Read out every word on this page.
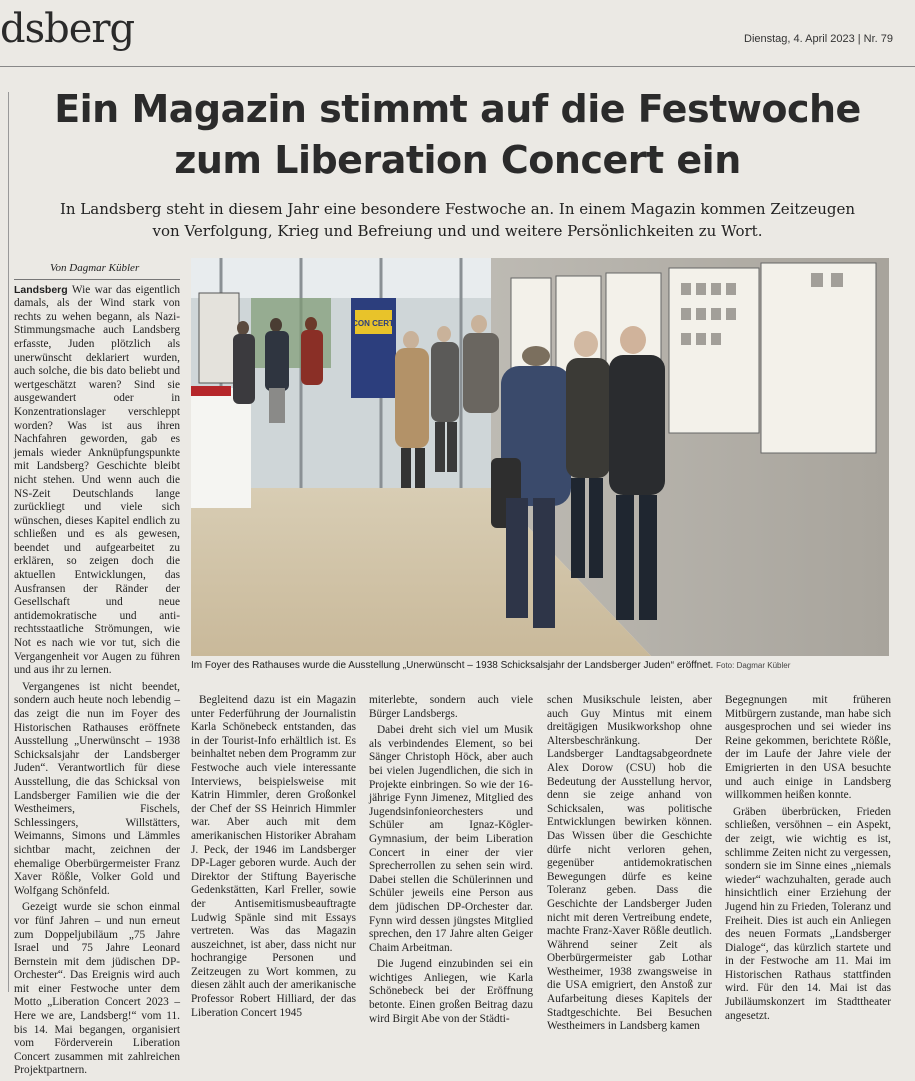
dsberg	Dienstag, 4. April 2023 | Nr. 79
Ein Magazin stimmt auf die Festwoche
zum Liberation Concert ein
In Landsberg steht in diesem Jahr eine besondere Festwoche an. In einem Magazin kommen Zeitzeugen
von Verfolgung, Krieg und Befreiung und und weitere Persönlichkeiten zu Wort.
Von Dagmar Kübler

Landsberg Wie war das eigentlich damals, als der Wind stark von rechts zu wehen begann, als Nazi-Stimmungsmache auch Landsberg erfasste, Juden plötzlich als unerwünscht deklariert wurden, auch solche, die bis dato beliebt und wertgeschätzt waren? Sind sie ausgewandert oder in Konzentrationslager verschleppt worden? Was ist aus ihren Nachfahren geworden, gab es jemals wieder Anknüpfungspunkte mit Landsberg? Geschichte bleibt nicht stehen. Und wenn auch die NS-Zeit Deutschlands lange zurückliegt und viele sich wünschen, dieses Kapitel endlich zu schließen und es als gewesen, beendet und aufgearbeitet zu erklären, so zeigen doch die aktuellen Entwicklungen, das Ausfransen der Ränder der Gesellschaft und neue antidemokratische und anti-rechtsstaatliche Strömungen, wie Not es nach wie vor tut, sich die Vergangenheit vor Augen zu führen und aus ihr zu lernen.

Vergangenes ist nicht beendet, sondern auch heute noch lebendig – das zeigt die nun im Foyer des Historischen Rathauses eröffnete Ausstellung „Unerwünscht – 1938 Schicksalsjahr der Landsberger Juden“. Verantwortlich für diese Ausstellung, die das Schicksal von Landsberger Familien wie die der Westheimers, Fischels, Schlessingers, Willstätters, Weimanns, Simons und Lämmles sichtbar macht, zeichnen der ehemalige Oberbürgermeister Franz Xaver Rößle, Volker Gold und Wolfgang Schönfeld.

Gezeigt wurde sie schon einmal vor fünf Jahren – und nun erneut zum Doppeljubiläum „75 Jahre Israel und 75 Jahre Leonard Bernstein mit dem jüdischen DP-Orchester“. Das Ereignis wird auch mit einer Festwoche unter dem Motto „Liberation Concert 2023 – Here we are, Landsberg!“ vom 11. bis 14. Mai begangen, organisiert vom Förderverein Liberation Concert zusammen mit zahlreichen Projektpartnern.

CON CERT
Im Foyer des Rathauses wurde die Ausstellung „Unerwünscht – 1938 Schicksalsjahr der Landsberger Juden“ eröffnet. Foto: Dagmar Kübler

Begleitend dazu ist ein Magazin unter Federführung der Journalistin Karla Schönebeck entstanden, das in der Tourist-Info erhältlich ist. Es beinhaltet neben dem Programm zur Festwoche auch viele interessante Interviews, beispielsweise mit Katrin Himmler, deren Großonkel der Chef der SS Heinrich Himmler war. Aber auch mit dem amerikanischen Historiker Abraham J. Peck, der 1946 im Landsberger DP-Lager geboren wurde. Auch der Direktor der Stiftung Bayerische Gedenkstätten, Karl Freller, sowie der Antisemitismusbeauftragte Ludwig Spänle sind mit Essays vertreten. Was das Magazin auszeichnet, ist aber, dass nicht nur hochrangige Personen und Zeitzeugen zu Wort kommen, zu diesen zählt auch der amerikanische Professor Robert Hilliard, der das Liberation Concert 1945

miterlebte, sondern auch viele Bürger Landsbergs.

Dabei dreht sich viel um Musik als verbindendes Element, so bei Sänger Christoph Höck, aber auch bei vielen Jugendlichen, die sich in Projekte einbringen. So wie der 16-jährige Fynn Jimenez, Mitglied des Jugendsinfonieorchesters und Schüler am Ignaz-Kögler-Gymnasium, der beim Liberation Concert in einer der vier Sprecherrollen zu sehen sein wird. Dabei stellen die Schülerinnen und Schüler jeweils eine Person aus dem jüdischen DP-Orchester dar. Fynn wird dessen jüngstes Mitglied sprechen, den 17 Jahre alten Geiger Chaim Arbeitman.

Die Jugend einzubinden sei ein wichtiges Anliegen, wie Karla Schönebeck bei der Eröffnung betonte. Einen großen Beitrag dazu wird Birgit Abe von der Städti-

schen Musikschule leisten, aber auch Guy Mintus mit einem dreitägigen Musikworkshop ohne Altersbeschränkung. Der Landsberger Landtagsabgeordnete Alex Dorow (CSU) hob die Bedeutung der Ausstellung hervor, denn sie zeige anhand von Schicksalen, was politische Entwicklungen bewirken können. Das Wissen über die Geschichte dürfe nicht verloren gehen, gegenüber antidemokratischen Bewegungen dürfe es keine Toleranz geben. Dass die Geschichte der Landsberger Juden nicht mit deren Vertreibung endete, machte Franz-Xaver Rößle deutlich. Während seiner Zeit als Oberbürgermeister gab Lothar Westheimer, 1938 zwangsweise in die USA emigriert, den Anstoß zur Aufarbeitung dieses Kapitels der Stadtgeschichte. Bei Besuchen Westheimers in Landsberg kamen

Begegnungen mit früheren Mitbürgern zustande, man habe sich ausgesprochen und sei wieder ins Reine gekommen, berichtete Rößle, der im Laufe der Jahre viele der Emigrierten in den USA besuchte und auch einige in Landsberg willkommen heißen konnte.

Gräben überbrücken, Frieden schließen, versöhnen – ein Aspekt, der zeigt, wie wichtig es ist, schlimme Zeiten nicht zu vergessen, sondern sie im Sinne eines „niemals wieder“ wachzuhalten, gerade auch hinsichtlich einer Erziehung der Jugend hin zu Frieden, Toleranz und Freiheit. Dies ist auch ein Anliegen des neuen Formats „Landsberger Dialoge“, das kürzlich startete und in der Festwoche am 11. Mai im Historischen Rathaus stattfinden wird. Für den 14. Mai ist das Jubiläumskonzert im Stadttheater angesetzt.
